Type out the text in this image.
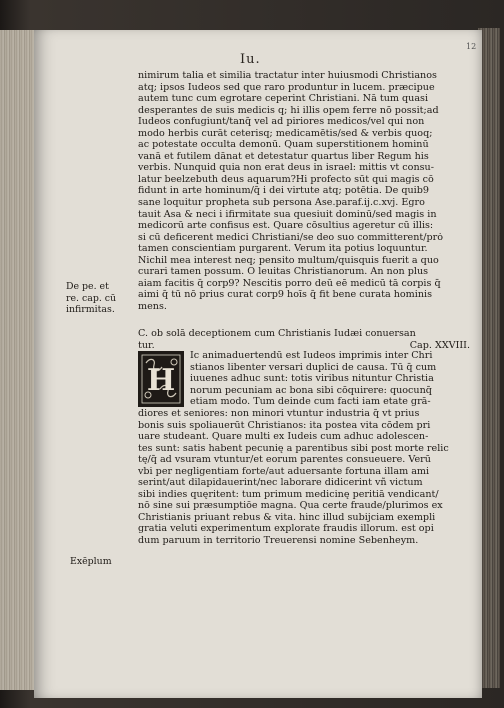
12
Iu.
nimirum talia et similia tractatur inter huiusmodi Christianos
atq; ipsos Iudeos sed que raro produntur in lucem. præcipue
autem tunc cum egrotare ceperint Christiani. Nā tum quasi
desperantes de suis medicis q; hi illis opem ferre nō possit;ad
Iudeos confugiunt/tanq̄ vel ad piriores medicos/vel qui non
modo herbis curāt ceterisq; medicamētis/sed & verbis quoq;
ac potestate occulta demonū. Quam superstitionem hominū
vanā et futilem dānat et detestatur quartus liber Regum his
verbis. Nunquid quia non erat deus in israel: mittis vt consu-
latur beelzebuth deus aquarum?Hi profecto sūt qui magis cō
fidunt in arte hominum/q̄ i dei virtute atq; potētia. De quib9
sane loquitur propheta sub persona Ase.paraf.ij.c.xvj. Egro
tauit Asa & neci i ifirmitate sua quesiuit dominū/sed magis in
medicorū arte confisus est. Quare cōsultius ageretur cū illis:
si cū deficerent medici Christiani/se deo suo committerent/prȯ
tamen conscientiam purgarent. Verum ita potius loquuntur.
Nichil mea interest neq; pensito multum/quisquis fuerit a quo
curari tamen possum. O leuitas Christianorum. An non plus
aiam facitis q̄ corp9? Nescitis porro deū eē medicū tā corpis q̄
aimi q̄ tū nō prius curat corp9 hoīs q̄ fit bene curata hominis
mens.
De pe. et
re. cap. cū
infirmitas.
C. ob solā deceptionem cum Christianis Iudæi conuersan
tur.	Cap. XXVIII.
H
Ic animaduertendū est Iudeos imprimis inter Chri
stianos libenter versari duplici de causa. Tū q̄ cum
iuuenes adhuc sunt: totis viribus nituntur Christia
norum pecuniam ac bona sibi cōquirere: quocunq̄
etiam modo. Tum deinde cum facti iam etate grā-
diores et seniores: non minori vtuntur industria q̄ vt prius
bonis suis spoliauerūt Christianos: ita postea vita cōdem pri
uare studeant. Quare multi ex Iudeis cum adhuc adolescen-
tes sunt: satis habent pecunię a parentibus sibi post morte relic
tę/q̄ ad vsuram vtuntur/et eorum parentes consueuere. Verū
vbi per negligentiam forte/aut aduersante fortuna illam ami
serint/aut dilapidauerint/nec laborare didicerint vñ victum
sibi indies quęritent: tum primum medicinę peritiā vendicant/
nō sine sui præsumptiōe magna. Qua certe fraude/plurimos ex
Christianis priuant rebus & vita. hinc illud subijciam exempli
gratia veluti experimentum explorate fraudis illorum. est opi
dum paruum in territorio Treuerensi nomine Sebenheym.
Exēplum
